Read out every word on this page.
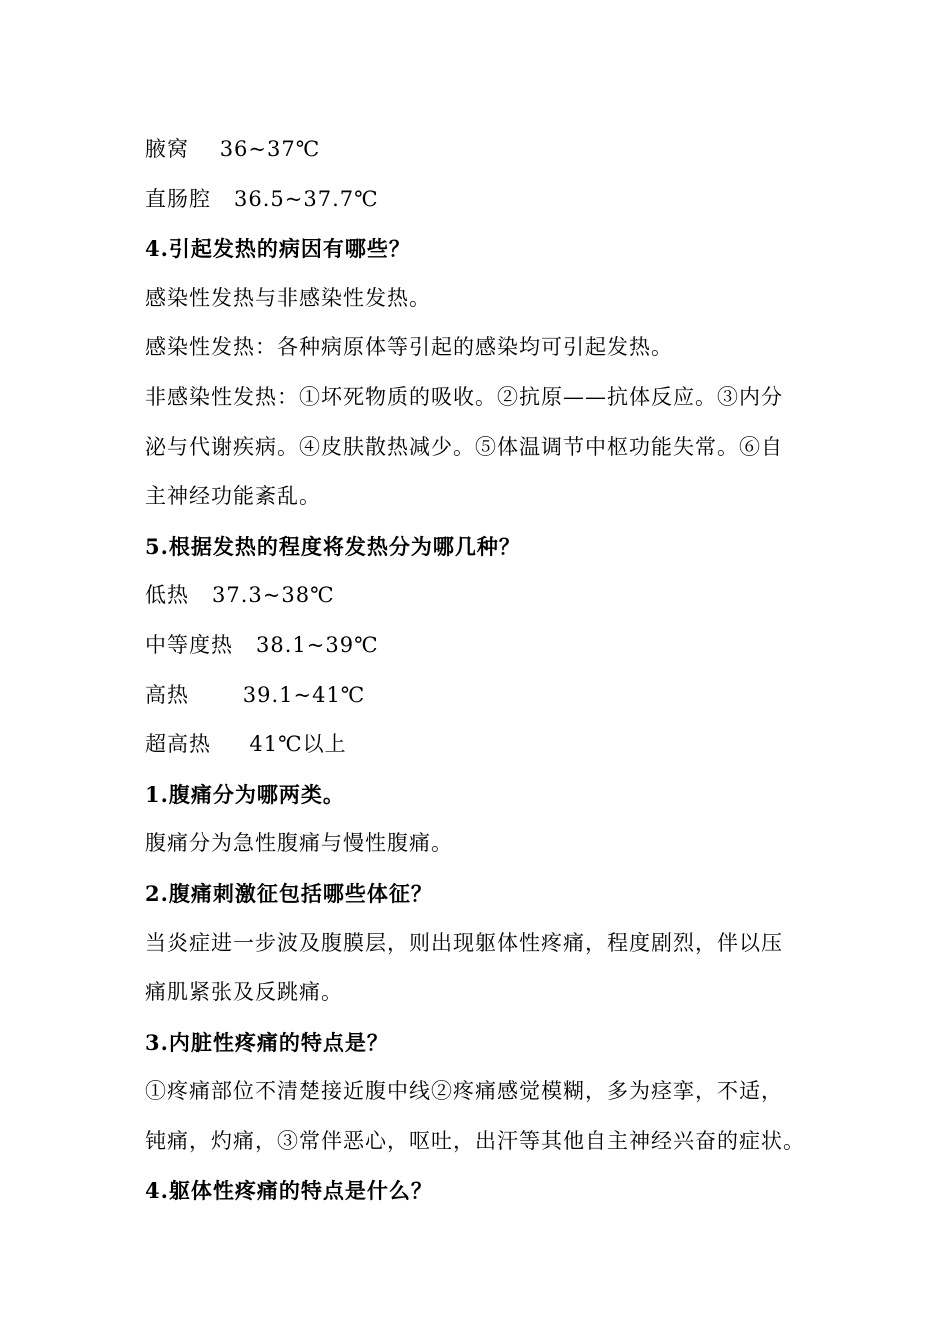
腋窝    36~37℃
直肠腔   36.5~37.7℃
4.引起发热的病因有哪些？
感染性发热与非感染性发热。
感染性发热：各种病原体等引起的感染均可引起发热。
非感染性发热：①坏死物质的吸收。②抗原——抗体反应。③内分
泌与代谢疾病。④皮肤散热减少。⑤体温调节中枢功能失常。⑥自
主神经功能紊乱。
5.根据发热的程度将发热分为哪几种？
低热   37.3~38℃
中等度热   38.1~39℃
高热       39.1~41℃
超高热     41℃以上
1.腹痛分为哪两类。
腹痛分为急性腹痛与慢性腹痛。
2.腹痛刺激征包括哪些体征？
当炎症进一步波及腹膜层，则出现躯体性疼痛，程度剧烈，伴以压
痛肌紧张及反跳痛。
3.内脏性疼痛的特点是？
①疼痛部位不清楚接近腹中线②疼痛感觉模糊，多为痉挛，不适，
钝痛，灼痛，③常伴恶心，呕吐，出汗等其他自主神经兴奋的症状。
4.躯体性疼痛的特点是什么？
